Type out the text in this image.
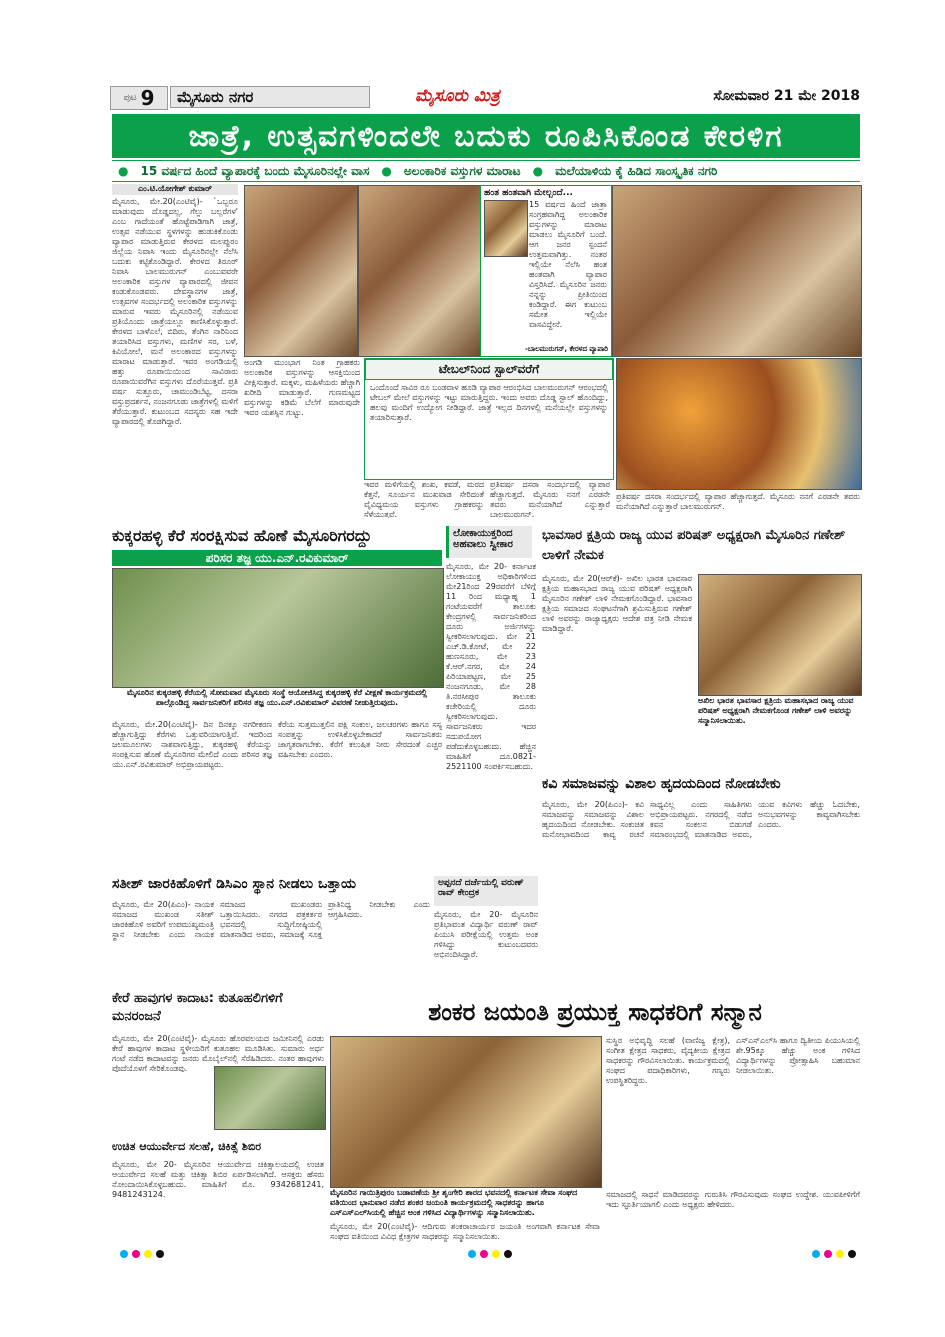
ಪುಟ 9	ಮೈಸೂರು ನಗರ	ಮೈಸೂರು ಮಿತ್ರ	ಸೋಮವಾರ 21 ಮೇ 2018
ಜಾತ್ರೆ, ಉತ್ಸವಗಳಿಂದಲೇ ಬದುಕು ರೂಪಿಸಿಕೊಂಡ ಕೇರಳಿಗ
●	15 ವರ್ಷದ ಹಿಂದೆ ವ್ಯಾಪಾರಕ್ಕೆ ಬಂದು ಮೈಸೂರಿನಲ್ಲೇ ವಾಸ	●	ಅಲಂಕಾರಿಕ ವಸ್ತುಗಳ ಮಾರಾಟ	●	ಮಲೆಯಾಳಿಯ ಕೈ ಹಿಡಿದ ಸಾಂಸ್ಕೃತಿಕ ನಗರಿ
ಎಂ.ಟಿ.ಯೋಗೇಶ್ ಕುಮಾರ್
ಮೈಸೂರು, ಮೇ.20(ಎಂಟಿವೈ)- `ಒಬ್ಬರೂ ಮಾಡುವುದು ದೊಡ್ಡದಲ್ಲ, ಗೆಲ್ಲು ಬಲ್ಲರೆಗಳ' ಎಂಬ ಗಾದೆಯಂತೆ ಹೊಟ್ಟೆಪಾಡಿಗಾಗಿ ಜಾತ್ರೆ, ಉತ್ಸವ ನಡೆಯುವ ಸ್ಥಳಗಳನ್ನು ಹುಡುಕಿಕೊಂಡು ವ್ಯಾಪಾರ ಮಾಡುತ್ತಿರುವ ಕೇರಳದ ಮಲಪ್ಪುರಂ ಜಿಲ್ಲೆಯ ನಿವಾಸಿ ಇಂದು ಮೈಸೂರಿನಲ್ಲೇ ನೆಲೆಸಿ ಬದುಕು ಕಟ್ಟಿಕೊಂಡಿದ್ದಾರೆ. ಕೇರಳದ ತಿರೂರ್ ನಿವಾಸಿ ಬಾಲಮುರುಗನ್ ಎಂಬುವವರೇ ಅಲಂಕಾರಿಕ ವಸ್ತುಗಳ ವ್ಯಾಪಾರದಲ್ಲಿ ಜೀವನ ಕಂಡುಕೊಂಡವರು. ದೇವಸ್ಥಾನಗಳ ಜಾತ್ರೆ, ಉತ್ಸವಗಳ ಸಂದರ್ಭದಲ್ಲಿ ಅಲಂಕಾರಿಕ ವಸ್ತುಗಳನ್ನು ಮಾರುವ ಇವರು ಮೈಸೂರಿನಲ್ಲಿ ನಡೆಯುವ ಪ್ರತಿಯೊಂದು ಜಾತ್ರೆಯಲ್ಲೂ ಕಾಣಿಸಿಕೊಳ್ಳುತ್ತಾರೆ. ಕೇರಳದ ಬಾಳೆಎಲೆ, ಬಿದಿರು, ತೆಂಗಿನ ನಾರಿನಿಂದ ತಯಾರಿಸಿದ ವಸ್ತುಗಳು, ಮಣಿಗಳ ಸರ, ಬಳೆ, ಕಿವಿಯೋಲೆ, ಮನೆ ಅಲಂಕಾರದ ವಸ್ತುಗಳನ್ನು ಮಾರಾಟ ಮಾಡುತ್ತಾರೆ. ಇವರ ಅಂಗಡಿಯಲ್ಲಿ ಹತ್ತು ರೂಪಾಯಿಯಿಂದ ಸಾವಿರಾರು ರೂಪಾಯಿವರೆಗಿನ ವಸ್ತುಗಳು ದೊರೆಯುತ್ತವೆ. ಪ್ರತಿ ವರ್ಷ ಸುತ್ತೂರು, ಚಾಮುಂಡಿಬೆಟ್ಟ, ದಸರಾ ವಸ್ತುಪ್ರದರ್ಶನ, ನಂಜನಗೂಡು ಜಾತ್ರೆಗಳಲ್ಲಿ ಮಳಿಗೆ ತೆರೆಯುತ್ತಾರೆ. ಕುಟುಂಬದ ಸದಸ್ಯರು ಸಹ ಇದೇ ವ್ಯಾಪಾರದಲ್ಲಿ ತೊಡಗಿದ್ದಾರೆ.
ಹಂತ ಹಂತವಾಗಿ ಮೇಲ್ಬಂದೆ...
15 ವರ್ಷದ ಹಿಂದೆ ಜಾತ್ರಾ ಸಂಗ್ರಹವಾಗಿದ್ದ ಅಲಂಕಾರಿಕ ವಸ್ತುಗಳನ್ನು ಮಾರಾಟ ಮಾಡಲು ಮೈಸೂರಿಗೆ ಬಂದೆ. ಆಗ ಜನರ ಸ್ಪಂದನೆ ಉತ್ತಮವಾಗಿತ್ತು. ನಂತರ ಇಲ್ಲಿಯೇ ನೆಲೆಸಿ ಹಂತ ಹಂತವಾಗಿ ವ್ಯಾಪಾರ ವಿಸ್ತರಿಸಿದೆ. ಮೈಸೂರಿನ ಜನರು ನನ್ನನ್ನು ಪ್ರೀತಿಯಿಂದ ಕಂಡಿದ್ದಾರೆ. ಈಗ ಕುಟುಂಬ ಸಮೇತ ಇಲ್ಲಿಯೇ ವಾಸವಿದ್ದೇನೆ.
-ಬಾಲಮುರುಗನ್, ಕೇರಳದ ವ್ಯಾಪಾರಿ
ಅಂಗಡಿ ಮುಂಭಾಗ ನಿಂತ ಗ್ರಾಹಕರು ಅಲಂಕಾರಿಕ ವಸ್ತುಗಳನ್ನು ಆಸಕ್ತಿಯಿಂದ ವೀಕ್ಷಿಸುತ್ತಾರೆ. ಮಕ್ಕಳು, ಮಹಿಳೆಯರು ಹೆಚ್ಚಾಗಿ ಖರೀದಿ ಮಾಡುತ್ತಾರೆ. ಗುಣಮಟ್ಟದ ವಸ್ತುಗಳನ್ನು ಕಡಿಮೆ ಬೆಲೆಗೆ ಮಾರುವುದೇ ಇವರ ಯಶಸ್ಸಿನ ಗುಟ್ಟು.
ಟೇಬಲ್‌ನಿಂದ ಸ್ಟಾಲ್‌ವರೆಗೆ
ಒಂದೊಂದೆ ಸಾವಿರ ರೂ ಬಂಡವಾಳ ಹೂಡಿ ವ್ಯಾಪಾರ ಆರಂಭಿಸಿದ ಬಾಲಮುರುಗನ್ ಆರಂಭದಲ್ಲಿ ಟೇಬಲ್ ಮೇಲೆ ವಸ್ತುಗಳನ್ನು ಇಟ್ಟು ಮಾರುತ್ತಿದ್ದರು. ಇಂದು ಅವರು ದೊಡ್ಡ ಸ್ಟಾಲ್ ಹೊಂದಿದ್ದು, ಹಲವು ಮಂದಿಗೆ ಉದ್ಯೋಗ ನೀಡಿದ್ದಾರೆ. ಜಾತ್ರೆ ಇಲ್ಲದ ದಿನಗಳಲ್ಲಿ ಮನೆಯಲ್ಲೇ ವಸ್ತುಗಳನ್ನು ತಯಾರಿಸುತ್ತಾರೆ.
ಇವರ ಮಳಿಗೆಯಲ್ಲಿ ಶಂಖ, ಕವಡೆ, ಮರದ ಕೆತ್ತನೆ, ಸೂರ್ಯನ ಮುಖವಾಡ ಸೇರಿದಂತೆ ವೈವಿಧ್ಯಮಯ ವಸ್ತುಗಳು ಗ್ರಾಹಕರನ್ನು ಸೆಳೆಯುತ್ತವೆ.
ಪ್ರತಿವರ್ಷ ದಸರಾ ಸಂದರ್ಭದಲ್ಲಿ ವ್ಯಾಪಾರ ಹೆಚ್ಚಾಗುತ್ತದೆ. ಮೈಸೂರು ನನಗೆ ಎರಡನೇ ತವರು ಮನೆಯಾಗಿದೆ ಎನ್ನುತ್ತಾರೆ ಬಾಲಮುರುಗನ್.
ಪ್ರತಿವರ್ಷ ದಸರಾ ಸಂದರ್ಭದಲ್ಲಿ ವ್ಯಾಪಾರ ಹೆಚ್ಚಾಗುತ್ತದೆ. ಮೈಸೂರು ನನಗೆ ಎರಡನೇ ತವರು ಮನೆಯಾಗಿದೆ ಎನ್ನುತ್ತಾರೆ ಬಾಲಮುರುಗನ್.
ಕುಕ್ಕರಹಳ್ಳಿ ಕೆರೆ ಸಂರಕ್ಷಿಸುವ ಹೊಣೆ ಮೈಸೂರಿಗರದ್ದು
ಪರಿಸರ ತಜ್ಞ ಯು.ಎನ್.ರವಿಕುಮಾರ್
ಮೈಸೂರಿನ ಕುಕ್ಕರಹಳ್ಳಿ ಕೆರೆಯಲ್ಲಿ ಸೋಮವಾರ ಮೈಸೂರು ಸಂಸ್ಥೆ ಆಯೋಜಿಸಿದ್ದ ಕುಕ್ಕರಹಳ್ಳಿ ಕೆರೆ ವೀಕ್ಷಣೆ ಕಾರ್ಯಕ್ರಮದಲ್ಲಿ ಪಾಲ್ಗೊಂಡಿದ್ದ ಸಾರ್ವಜನಿಕರಿಗೆ ಪರಿಸರ ತಜ್ಞ ಯು.ಎನ್.ರವಿಕುಮಾರ್ ವಿವರಣೆ ನೀಡುತ್ತಿರುವುದು.
ಮೈಸೂರು, ಮೇ.20(ಎಂಟಿವೈ)- ದಿನ ದಿನಕ್ಕೂ ನಗರೀಕರಣ ಹೆಚ್ಚಾಗುತ್ತಿದ್ದು ಕೆರೆಗಳು ಒತ್ತುವರಿಯಾಗುತ್ತಿವೆ. ಇದರಿಂದ ಜಲಮೂಲಗಳು ನಾಶವಾಗುತ್ತಿದ್ದು, ಕುಕ್ಕರಹಳ್ಳಿ ಕೆರೆಯನ್ನು ಸಂರಕ್ಷಿಸುವ ಹೊಣೆ ಮೈಸೂರಿಗರ ಮೇಲಿದೆ ಎಂದು ಪರಿಸರ ತಜ್ಞ ಯು.ಎನ್.ರವಿಕುಮಾರ್ ಅಭಿಪ್ರಾಯಪಟ್ಟರು.
ಕೆರೆಯ ಸುತ್ತಮುತ್ತಲಿನ ಪಕ್ಷಿ ಸಂಕುಲ, ಜಲಚರಗಳು ಹಾಗೂ ಸಸ್ಯ ಸಂಪತ್ತನ್ನು ಉಳಿಸಿಕೊಳ್ಳಬೇಕಾದರೆ ಸಾರ್ವಜನಿಕರು ಜಾಗೃತರಾಗಬೇಕು. ಕೆರೆಗೆ ಕಲುಷಿತ ನೀರು ಸೇರದಂತೆ ಎಚ್ಚರ ವಹಿಸಬೇಕು ಎಂದರು.
ಲೋಕಾಯುಕ್ತರಿಂದ ಅಹವಾಲು ಸ್ವೀಕಾರ
ಮೈಸೂರು, ಮೇ 20- ಕರ್ನಾಟಕ ಲೋಕಾಯುಕ್ತ ಅಧಿಕಾರಿಗಳಿಂದ ಮೇ21ರಿಂದ 29ರವರೆಗೆ ಬೆಳಿಗ್ಗೆ 11 ರಿಂದ ಮಧ್ಯಾಹ್ನ 1 ಗಂಟೆಯವರೆಗೆ ತಾಲೂಕು ಕೇಂದ್ರಗಳಲ್ಲಿ ಸಾರ್ವಜನಿಕರಿಂದ ದೂರು ಅರ್ಜಿಗಳನ್ನು ಸ್ವೀಕರಿಸಲಾಗುವುದು. ಮೇ 21 ಎಚ್.ಡಿ.ಕೋಟೆ, ಮೇ 22 ಹುಣಸೂರು, ಮೇ 23 ಕೆ.ಆರ್.ನಗರ, ಮೇ 24 ಪಿರಿಯಾಪಟ್ಟಣ, ಮೇ 25 ನಂಜನಗೂಡು, ಮೇ 28 ತಿ.ನರಸೀಪುರ ತಾಲೂಕು ಕಚೇರಿಯಲ್ಲಿ ದೂರು ಸ್ವೀಕರಿಸಲಾಗುವುದು. ಸಾರ್ವಜನಿಕರು ಇದರ ಸದುಪಯೋಗ ಪಡೆದುಕೊಳ್ಳಬಹುದು. ಹೆಚ್ಚಿನ ಮಾಹಿತಿಗೆ ದೂ.0821-2521100 ಸಂಪರ್ಕಿಸಬಹುದು.
ಭಾವಸಾರ ಕ್ಷತ್ರಿಯ ರಾಜ್ಯ ಯುವ ಪರಿಷತ್ ಅಧ್ಯಕ್ಷರಾಗಿ ಮೈಸೂರಿನ ಗಣೇಶ್ ಲಾಳಿಗೆ ನೇಮಕ
ಮೈಸೂರು, ಮೇ 20(ಆರ್‌ಕೆ)- ಅಖಿಲ ಭಾರತ ಭಾವಸಾರ ಕ್ಷತ್ರಿಯ ಮಹಾಸಭಾದ ರಾಜ್ಯ ಯುವ ಪರಿಷತ್ ಅಧ್ಯಕ್ಷರಾಗಿ ಮೈಸೂರಿನ ಗಣೇಶ್ ಲಾಳಿ ನೇಮಕಗೊಂಡಿದ್ದಾರೆ. ಭಾವಸಾರ ಕ್ಷತ್ರಿಯ ಸಮಾಜದ ಸಂಘಟನೆಗಾಗಿ ಶ್ರಮಿಸುತ್ತಿರುವ ಗಣೇಶ್ ಲಾಳಿ ಅವರನ್ನು ರಾಜ್ಯಾಧ್ಯಕ್ಷರು ಆದೇಶ ಪತ್ರ ನೀಡಿ ನೇಮಕ ಮಾಡಿದ್ದಾರೆ.
ಅಖಿಲ ಭಾರತ ಭಾವಸಾರ ಕ್ಷತ್ರಿಯ ಮಹಾಸಭಾದ ರಾಜ್ಯ ಯುವ ಪರಿಷತ್ ಅಧ್ಯಕ್ಷರಾಗಿ ನೇಮಕಗೊಂಡ ಗಣೇಶ್ ಲಾಳಿ ಅವರನ್ನು ಸನ್ಮಾನಿಸಲಾಯಿತು.
ಕವಿ ಸಮಾಜವನ್ನು ವಿಶಾಲ ಹೃದಯದಿಂದ ನೋಡಬೇಕು
ಮೈಸೂರು, ಮೇ 20(ಪಿಎಂ)- ಕವಿ ಸಮಾಜವನ್ನು ಸಮಾಜವನ್ನು ವಿಶಾಲ ಹೃದಯದಿಂದ ನೋಡಬೇಕು. ಸಂಕುಚಿತ ಮನೋಭಾವದಿಂದ ಕಾವ್ಯ ರಚನೆ ಸಾಧ್ಯವಿಲ್ಲ ಎಂದು ಸಾಹಿತಿಗಳು ಅಭಿಪ್ರಾಯಪಟ್ಟರು. ನಗರದಲ್ಲಿ ನಡೆದ ಕವನ ಸಂಕಲನ ಬಿಡುಗಡೆ ಸಮಾರಂಭದಲ್ಲಿ ಮಾತನಾಡಿದ ಅವರು, ಯುವ ಕವಿಗಳು ಹೆಚ್ಚು ಓದಬೇಕು, ಅನುಭವಗಳನ್ನು ಕಾವ್ಯವಾಗಿಸಬೇಕು ಎಂದರು.
ಸತೀಶ್ ಜಾರಕಿಹೊಳಿಗೆ ಡಿಸಿಎಂ ಸ್ಥಾನ ನೀಡಲು ಒತ್ತಾಯ
ಮೈಸೂರು, ಮೇ 20(ಪಿಎಂ)- ನಾಯಕ ಸಮಾಜದ ಮುಖಂಡ ಸತೀಶ್ ಜಾರಕಿಹೊಳಿ ಅವರಿಗೆ ಉಪಮುಖ್ಯಮಂತ್ರಿ ಸ್ಥಾನ ನೀಡಬೇಕು ಎಂದು ನಾಯಕ ಸಮಾಜದ ಮುಖಂಡರು ಒತ್ತಾಯಿಸಿದರು. ನಗರದ ಪತ್ರಕರ್ತರ ಭವನದಲ್ಲಿ ಸುದ್ದಿಗೋಷ್ಠಿಯಲ್ಲಿ ಮಾತನಾಡಿದ ಅವರು, ಸಮಾಜಕ್ಕೆ ಸೂಕ್ತ ಪ್ರಾತಿನಿಧ್ಯ ನೀಡಬೇಕು ಎಂದು ಆಗ್ರಹಿಸಿದರು.
ಅಪ್ಪನದೆ ದರ್ಜೆಯಲ್ಲಿ ವರುಣ್ ರಾವ್ ಕೇಂದ್ರಕ
ಮೈಸೂರು, ಮೇ 20- ಮೈಸೂರಿನ ಪ್ರತಿಭಾವಂತ ವಿದ್ಯಾರ್ಥಿ ವರುಣ್ ರಾವ್ ಪಿಯುಸಿ ಪರೀಕ್ಷೆಯಲ್ಲಿ ಉತ್ತಮ ಅಂಕ ಗಳಿಸಿದ್ದು ಕುಟುಂಬದವರು ಅಭಿನಂದಿಸಿದ್ದಾರೆ.
ಕೇರೆ ಹಾವುಗಳ ಕಾದಾಟ: ಕುತೂಹಲಿಗಳಿಗೆ ಮನರಂಜನೆ
ಮೈಸೂರು, ಮೇ 20(ಎಂಟಿವೈ)- ಮೈಸೂರು ಹೊರವಲಯದ ಜಮೀನಿನಲ್ಲಿ ಎರಡು ಕೇರೆ ಹಾವುಗಳ ಕಾದಾಟ ಸ್ಥಳೀಯರಿಗೆ ಕುತೂಹಲ ಮೂಡಿಸಿತು. ಸುಮಾರು ಅರ್ಧ ಗಂಟೆ ನಡೆದ ಕಾದಾಟವನ್ನು ಜನರು ಮೊಬೈಲ್‌ನಲ್ಲಿ ಸೆರೆಹಿಡಿದರು. ನಂತರ ಹಾವುಗಳು ಪೊದೆಯೊಳಗೆ ಸೇರಿಕೊಂಡವು.
ಉಚಿತ ಆಯುರ್ವೇದ ಸಲಹೆ, ಚಿಕಿತ್ಸೆ ಶಿಬಿರ
ಮೈಸೂರು, ಮೇ 20- ಮೈಸೂರಿನ ಆಯುರ್ವೇದ ಚಿಕಿತ್ಸಾಲಯದಲ್ಲಿ ಉಚಿತ ಆಯುರ್ವೇದ ಸಲಹೆ ಮತ್ತು ಚಿಕಿತ್ಸಾ ಶಿಬಿರ ಏರ್ಪಡಿಸಲಾಗಿದೆ. ಆಸಕ್ತರು ಹೆಸರು ನೋಂದಾಯಿಸಿಕೊಳ್ಳಬಹುದು. ಮಾಹಿತಿಗೆ ಮೊ. 9342681241, 9481243124.
ಶಂಕರ ಜಯಂತಿ ಪ್ರಯುಕ್ತ ಸಾಧಕರಿಗೆ ಸನ್ಮಾನ
ಸುಸ್ಥಿರ ಅಭಿವೃದ್ಧಿ ಸಲಹೆ (ವಾಣಿಜ್ಯ ಕ್ಷೇತ್ರ), ಸಂಗೀತ ಕ್ಷೇತ್ರದ ಸಾಧಕರು, ವೈದ್ಯಕೀಯ ಕ್ಷೇತ್ರದ ಸಾಧಕರನ್ನು ಗೌರವಿಸಲಾಯಿತು. ಕಾರ್ಯಕ್ರಮದಲ್ಲಿ ಸಂಘದ ಪದಾಧಿಕಾರಿಗಳು, ಗಣ್ಯರು ಉಪಸ್ಥಿತರಿದ್ದರು.
ಎಸ್‌ಎಸ್‌ಎಲ್‌ಸಿ ಹಾಗೂ ದ್ವಿತೀಯ ಪಿಯುಸಿಯಲ್ಲಿ ಶೇ.95ಕ್ಕೂ ಹೆಚ್ಚು ಅಂಕ ಗಳಿಸಿದ ವಿದ್ಯಾರ್ಥಿಗಳನ್ನು ಪ್ರೋತ್ಸಾಹಿಸಿ ಬಹುಮಾನ ನೀಡಲಾಯಿತು.
ಮೈಸೂರಿನ ಗಾಯಿತ್ರಿಪುರಂ ಬಡಾವಣೆಯ ಶ್ರೀ ಶೃಂಗೇರಿ ಶಾರದ ಭವನದಲ್ಲಿ ಕರ್ನಾಟಕ ಸೇವಾ ಸಂಘದ ವತಿಯಿಂದ ಭಾನುವಾರ ನಡೆದ ಶಂಕರ ಜಯಂತಿ ಕಾರ್ಯಕ್ರಮದಲ್ಲಿ ಸಾಧಕರನ್ನು ಹಾಗೂ ಎಸ್‌ಎಸ್‌ಎಲ್‌ಸಿಯಲ್ಲಿ ಹೆಚ್ಚಿನ ಅಂಕ ಗಳಿಸಿದ ವಿದ್ಯಾರ್ಥಿಗಳನ್ನು ಸನ್ಮಾನಿಸಲಾಯಿತು.
ಮೈಸೂರು, ಮೇ 20(ಎಂಟಿವೈ)- ಆದಿಗುರು ಶಂಕರಾಚಾರ್ಯರ ಜಯಂತಿ ಅಂಗವಾಗಿ ಕರ್ನಾಟಕ ಸೇವಾ ಸಂಘದ ವತಿಯಿಂದ ವಿವಿಧ ಕ್ಷೇತ್ರಗಳ ಸಾಧಕರನ್ನು ಸನ್ಮಾನಿಸಲಾಯಿತು.
ಸಮಾಜದಲ್ಲಿ ಸಾಧನೆ ಮಾಡಿದವರನ್ನು ಗುರುತಿಸಿ ಗೌರವಿಸುವುದು ಸಂಘದ ಉದ್ದೇಶ. ಯುವಪೀಳಿಗೆಗೆ ಇದು ಸ್ಫೂರ್ತಿಯಾಗಲಿ ಎಂದು ಅಧ್ಯಕ್ಷರು ಹೇಳಿದರು.
